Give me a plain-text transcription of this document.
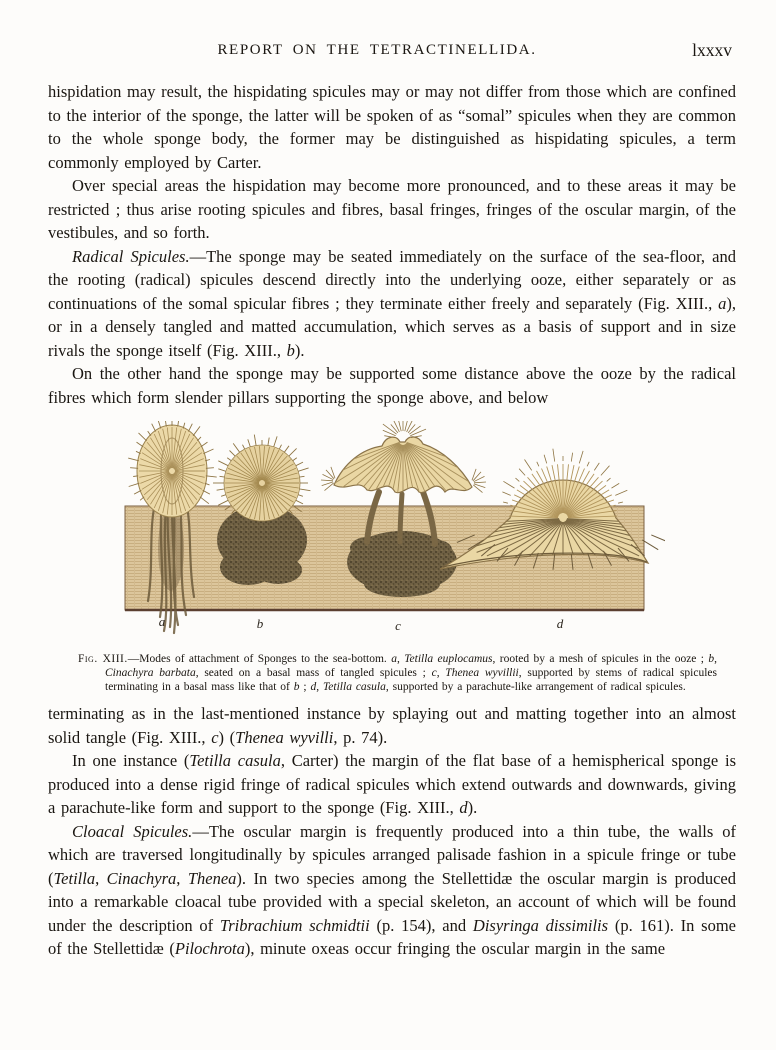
REPORT ON THE TETRACTINELLIDA.	lxxxv

hispidation may result, the hispidating spicules may or may not differ from those which are confined to the interior of the sponge, the latter will be spoken of as “somal” spicules when they are common to the whole sponge body, the former may be distinguished as hispidating spicules, a term commonly employed by Carter.

Over special areas the hispidation may become more pronounced, and to these areas it may be restricted ; thus arise rooting spicules and fibres, basal fringes, fringes of the oscular margin, of the vestibules, and so forth.

Radical Spicules.—The sponge may be seated immediately on the surface of the sea-floor, and the rooting (radical) spicules descend directly into the underlying ooze, either separately or as continuations of the somal spicular fibres ; they terminate either freely and separately (Fig. XIII., a), or in a densely tangled and matted accumulation, which serves as a basis of support and in size rivals the sponge itself (Fig. XIII., b).

On the other hand the sponge may be supported some distance above the ooze by the radical fibres which form slender pillars supporting the sponge above, and below

a	b	c	d
Fig. XIII.—Modes of attachment of Sponges to the sea-bottom. a, Tetilla euplocamus, rooted by a mesh of spicules in the ooze ; b, Cinachyra barbata, seated on a basal mass of tangled spicules ; c, Thenea wyvillii, supported by stems of radical spicules terminating in a basal mass like that of b ; d, Tetilla casula, supported by a parachute-like arrangement of radical spicules.

terminating as in the last-mentioned instance by splaying out and matting together into an almost solid tangle (Fig. XIII., c) (Thenea wyvilli, p. 74).

In one instance (Tetilla casula, Carter) the margin of the flat base of a hemispherical sponge is produced into a dense rigid fringe of radical spicules which extend outwards and downwards, giving a parachute-like form and support to the sponge (Fig. XIII., d).

Cloacal Spicules.—The oscular margin is frequently produced into a thin tube, the walls of which are traversed longitudinally by spicules arranged palisade fashion in a spicule fringe or tube (Tetilla, Cinachyra, Thenea). In two species among the Stellettidæ the oscular margin is produced into a remarkable cloacal tube provided with a special skeleton, an account of which will be found under the description of Tribrachium schmidtii (p. 154), and Disyringa dissimilis (p. 161). In some of the Stellettidæ (Pilochrota), minute oxeas occur fringing the oscular margin in the same
